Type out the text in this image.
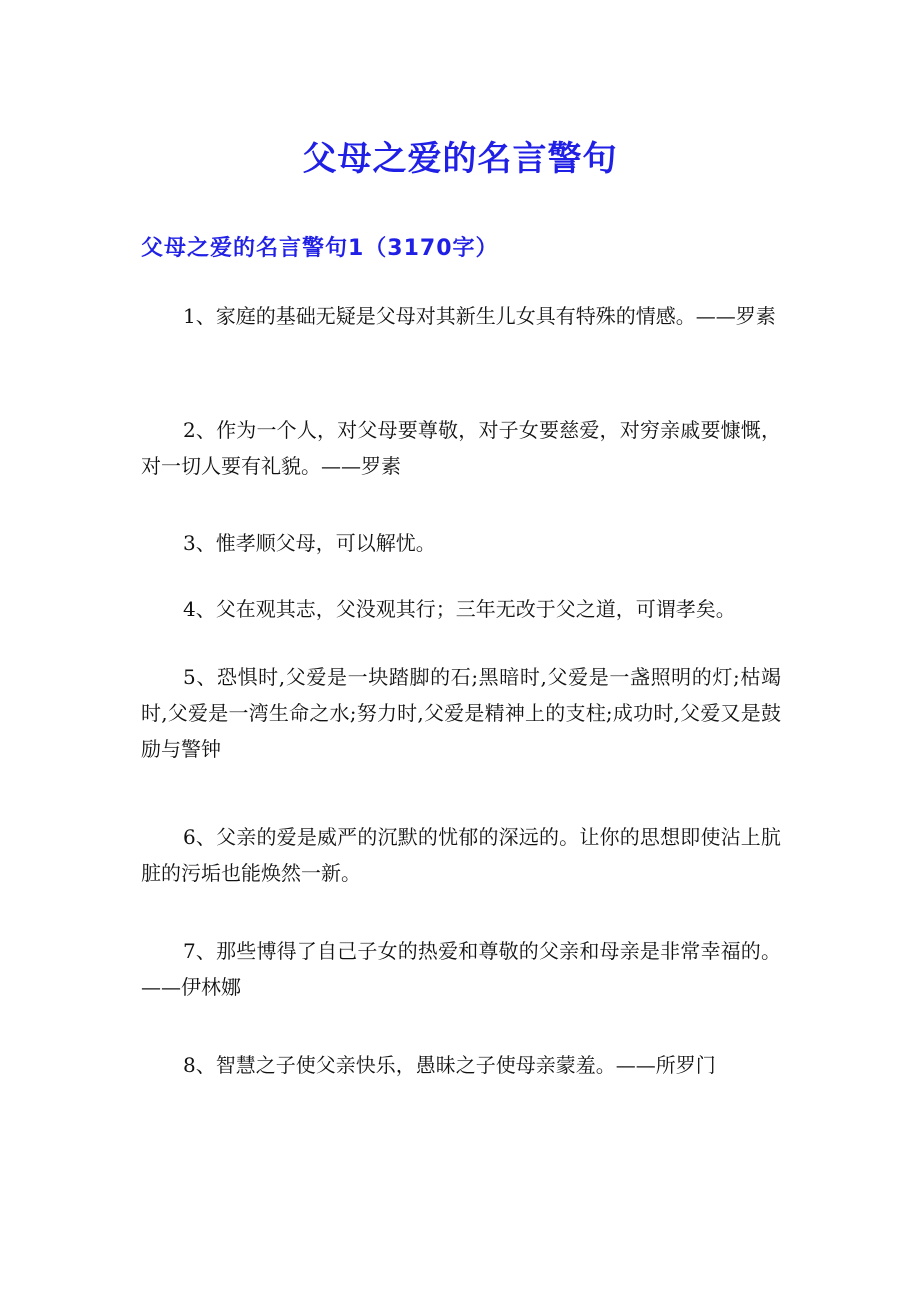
父母之爱的名言警句
父母之爱的名言警句1（3170字）

1、家庭的基础无疑是父母对其新生儿女具有特殊的情感。——罗素

2、作为一个人，对父母要尊敬，对子女要慈爱，对穷亲戚要慷慨，对一切人要有礼貌。——罗素

3、惟孝顺父母，可以解忧。

4、父在观其志，父没观其行；三年无改于父之道，可谓孝矣。

5、恐惧时,父爱是一块踏脚的石;黑暗时,父爱是一盏照明的灯;枯竭时,父爱是一湾生命之水;努力时,父爱是精神上的支柱;成功时,父爱又是鼓励与警钟

6、父亲的爱是威严的沉默的忧郁的深远的。让你的思想即使沾上肮脏的污垢也能焕然一新。

7、那些博得了自己子女的热爱和尊敬的父亲和母亲是非常幸福的。——伊林娜

8、智慧之子使父亲快乐，愚昧之子使母亲蒙羞。——所罗门
